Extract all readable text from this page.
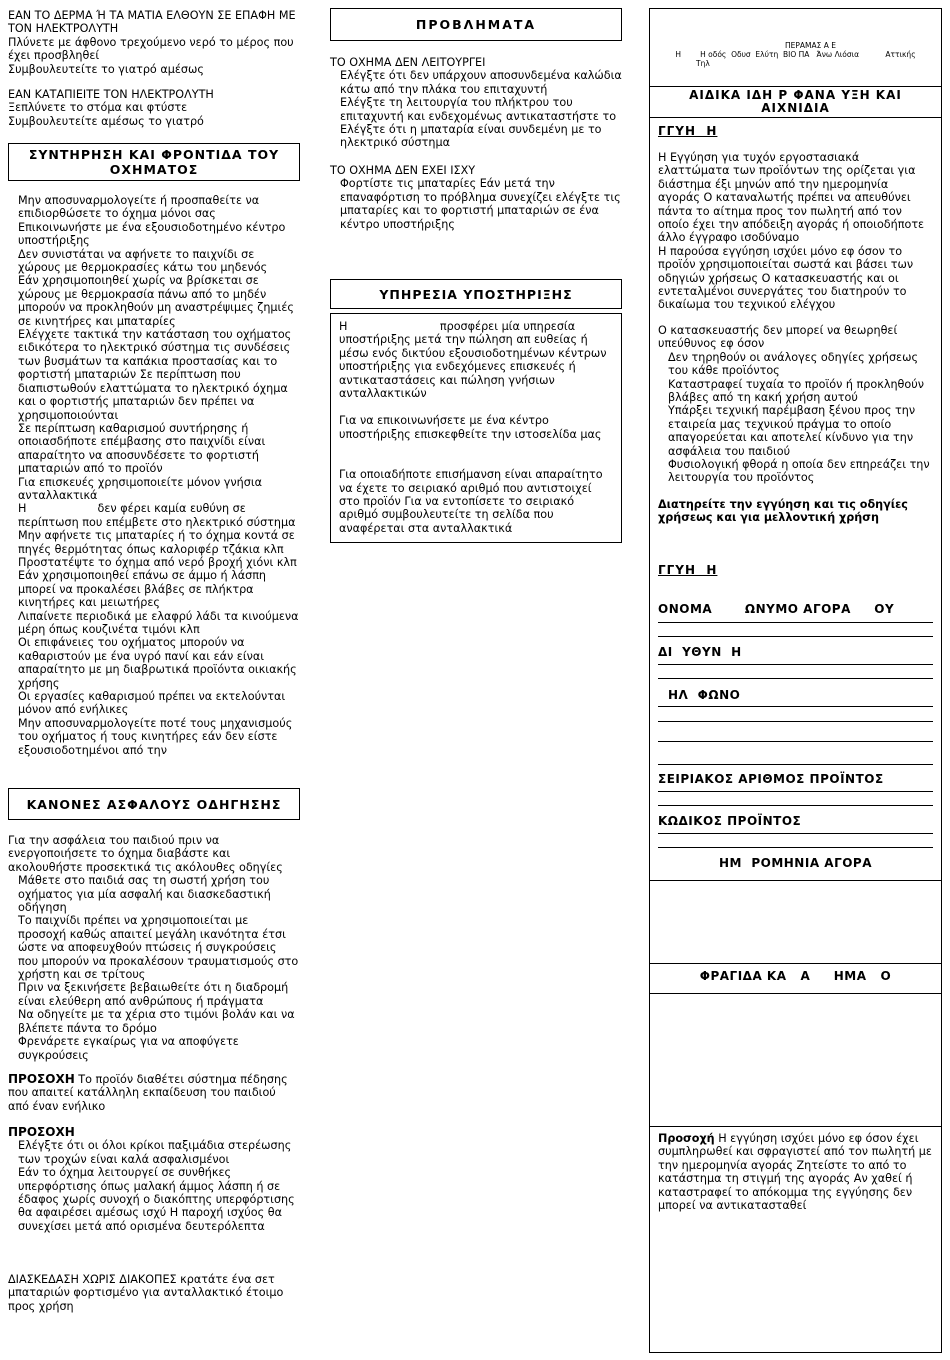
ΕΑΝ ΤΟ ΔΕΡΜΑ Ή ΤΑ ΜΑΤΙΑ ΕΛΘΟΥΝ ΣΕ ΕΠΑΦΗ ΜΕ ΤΟΝ ΗΛΕΚΤΡΟΛΥΤΗ

Πλύνετε με άφθονο τρεχούμενο νερό το μέρος που έχει προσβληθεί

Συμβουλευτείτε το γιατρό αμέσως

ΕΑΝ ΚΑΤΑΠΙΕΙΤΕ ΤΟΝ ΗΛΕΚΤΡΟΛΥΤΗ

Ξεπλύνετε το στόμα και φτύστε

Συμβουλευτείτε αμέσως το γιατρό

ΣΥΝΤΗΡΗΣΗ ΚΑΙ ΦΡΟΝΤΙΔΑ ΤΟΥ ΟΧΗΜΑΤΟΣ

Μην αποσυναρμολογείτε ή προσπαθείτε να επιδιορθώσετε το όχημα μόνοι σας

Επικοινωνήστε με ένα εξουσιοδοτημένο κέντρο υποστήριξης

Δεν συνιστάται να αφήνετε το παιχνίδι σε χώρους με θερμοκρασίες κάτω του μηδενός

Εάν χρησιμοποιηθεί χωρίς να βρίσκεται σε χώρους με θερμοκρασία πάνω από το μηδέν μπορούν να προκληθούν μη αναστρέψιμες ζημιές σε κινητήρες και μπαταρίες

Ελέγχετε τακτικά την κατάσταση του οχήματος ειδικότερα το ηλεκτρικό σύστημα τις συνδέσεις των βυσμάτων τα καπάκια προστασίας και το φορτιστή μπαταριών Σε περίπτωση που διαπιστωθούν ελαττώματα το ηλεκτρικό όχημα και ο φορτιστής μπαταριών δεν πρέπει να χρησιμοποιούνται

Σε περίπτωση καθαρισμού συντήρησης ή οποιασδήποτε επέμβασης στο παιχνίδι είναι απαραίτητο να αποσυνδέσετε το φορτιστή μπαταριών από το προϊόν

Για επισκευές χρησιμοποιείτε μόνον γνήσια ανταλλακτικά

Η                    δεν φέρει καμία ευθύνη σε περίπτωση που επέμβετε στο ηλεκτρικό σύστημα

Μην αφήνετε τις μπαταρίες ή το όχημα κοντά σε πηγές θερμότητας όπως καλοριφέρ τζάκια κλπ

Προστατέψτε το όχημα από νερό βροχή χιόνι κλπ Εάν χρησιμοποιηθεί επάνω σε άμμο ή λάσπη μπορεί να προκαλέσει βλάβες σε πλήκτρα κινητήρες και μειωτήρες

Λιπαίνετε περιοδικά με ελαφρύ λάδι τα κινούμενα μέρη όπως κουζινέτα τιμόνι κλπ

Οι επιφάνειες του οχήματος μπορούν να καθαριστούν με ένα υγρό πανί και εάν είναι απαραίτητο με μη διαβρωτικά προϊόντα οικιακής χρήσης

Οι εργασίες καθαρισμού πρέπει να εκτελούνται μόνον από ενήλικες

Μην αποσυναρμολογείτε ποτέ τους μηχανισμούς του οχήματος ή τους κινητήρες εάν δεν είστε εξουσιοδοτημένοι από την

ΚΑΝΟΝΕΣ ΑΣΦΑΛΟΥΣ ΟΔΗΓΗΣΗΣ

Για την ασφάλεια του παιδιού πριν να ενεργοποιήσετε το όχημα διαβάστε και ακολουθήστε προσεκτικά τις ακόλουθες οδηγίες

Μάθετε στο παιδιά σας τη σωστή χρήση του οχήματος για μία ασφαλή και διασκεδαστική οδήγηση

Το παιχνίδι πρέπει να χρησιμοποιείται με προσοχή καθώς απαιτεί μεγάλη ικανότητα έτσι ώστε να αποφευχθούν πτώσεις ή συγκρούσεις που μπορούν να προκαλέσουν τραυματισμούς στο χρήστη και σε τρίτους

Πριν να ξεκινήσετε βεβαιωθείτε ότι η διαδρομή είναι ελεύθερη από ανθρώπους ή πράγματα

Να οδηγείτε με τα χέρια στο τιμόνι βολάν και να βλέπετε πάντα το δρόμο

Φρενάρετε εγκαίρως για να αποφύγετε συγκρούσεις

ΠΡΟΣΟΧΗ Το προϊόν διαθέτει σύστημα πέδησης που απαιτεί κατάλληλη εκπαίδευση του παιδιού από έναν ενήλικο

ΠΡΟΣΟΧΗ

Ελέγξτε ότι οι όλοι κρίκοι παξιμάδια στερέωσης των τροχών είναι καλά ασφαλισμένοι

Εάν το όχημα λειτουργεί σε συνθήκες υπερφόρτισης όπως μαλακή άμμος λάσπη ή σε έδαφος χωρίς συνοχή ο διακόπτης υπερφόρτισης θα αφαιρέσει αμέσως ισχύ Η παροχή ισχύος θα συνεχίσει μετά από ορισμένα δευτερόλεπτα

ΔΙΑΣΚΕΔΑΣΗ ΧΩΡΙΣ ΔΙΑΚΟΠΕΣ κρατάτε ένα σετ μπαταριών φορτισμένο για ανταλλακτικό έτοιμο προς χρήση

ΠΡΟΒΛΗΜΑΤΑ

ΤΟ ΟΧΗΜΑ ΔΕΝ ΛΕΙΤΟΥΡΓΕΙ

Ελέγξτε ότι δεν υπάρχουν αποσυνδεμένα καλώδια κάτω από την πλάκα του επιταχυντή

Ελέγξτε τη λειτουργία του πλήκτρου του επιταχυντή και ενδεχομένως αντικαταστήστε το

Ελέγξτε ότι η μπαταρία είναι συνδεμένη με το ηλεκτρικό σύστημα

ΤΟ ΟΧΗΜΑ ΔΕΝ ΕΧΕΙ ΙΣΧΥ

Φορτίστε τις μπαταρίες Εάν μετά την επαναφόρτιση το πρόβλημα συνεχίζει ελέγξτε τις μπαταρίες και το φορτιστή μπαταριών σε ένα κέντρο υποστήριξης

ΥΠΗΡΕΣΙΑ ΥΠΟΣΤΗΡΙΞΗΣ

Η                          προσφέρει μία υπηρεσία υποστήριξης μετά την πώληση απ ευθείας ή μέσω ενός δικτύου εξουσιοδοτημένων κέντρων υποστήριξης για ενδεχόμενες επισκευές ή αντικαταστάσεις και πώληση γνήσιων ανταλλακτικών

Για να επικοινωνήσετε με ένα κέντρο υποστήριξης επισκεφθείτε την ιστοσελίδα μας

Για οποιαδήποτε επισήμανση είναι απαραίτητο να έχετε το σειριακό αριθμό που αντιστοιχεί στο προϊόν Για να εντοπίσετε το σειριακό αριθμό συμβουλευτείτε τη σελίδα που αναφέρεται στα ανταλλακτικά

ΠΕΡΑΜΑΣ Α Ε

Η        Η οδός  Οδυσ  Ελύτη  ΒΙΟ ΠΑ   Άνω Λιόσια           Αττικής

Τηλ

ΑΙΔΙΚΑ ΙΔΗ Ρ ΦΑΝΑ ΥΞΗ ΚΑΙ ΑΙΧΝΙΔΙΑ
ΓΓΥΗ  Η

Η Εγγύηση για τυχόν εργοστασιακά ελαττώματα των προϊόντων της ορίζεται για διάστημα έξι μηνών από την ημερομηνία αγοράς Ο καταναλωτής πρέπει να απευθύνει πάντα το αίτημα προς τον πωλητή από τον οποίο έχει την απόδειξη αγοράς ή οποιοδήποτε άλλο έγγραφο ισοδύναμο

Η παρούσα εγγύηση ισχύει μόνο εφ όσον το προϊόν χρησιμοποιείται σωστά και βάσει των οδηγιών χρήσεως Ο κατασκευαστής και οι εντεταλμένοι συνεργάτες του διατηρούν το δικαίωμα του τεχνικού ελέγχου

Ο κατασκευαστής δεν μπορεί να θεωρηθεί υπεύθυνος εφ όσον

Δεν τηρηθούν οι ανάλογες οδηγίες χρήσεως του κάθε προϊόντος

Καταστραφεί τυχαία το προϊόν ή προκληθούν βλάβες από τη κακή χρήση αυτού

Υπάρξει τεχνική παρέμβαση ξένου προς την εταιρεία μας τεχνικού πράγμα το οποίο απαγορεύεται και αποτελεί κίνδυνο για την ασφάλεια του παιδιού

Φυσιολογική φθορά η οποία δεν επηρεάζει την λειτουργία του προϊόντος

Διατηρείτε την εγγύηση και τις οδηγίες χρήσεως και για μελλοντική χρήση

ΓΓΥΗ  Η
ΟΝΟΜΑ       ΩΝΥΜΟ ΑΓΟΡΑ     ΟΥ
ΔΙ  ΥΘΥΝ  Η
ΗΛ  ΦΩΝΟ
ΣΕΙΡΙΑΚΟΣ ΑΡΙΘΜΟΣ ΠΡΟΪΝΤΟΣ
ΚΩΔΙΚΟΣ ΠΡΟΪΝΤΟΣ
ΗΜ  ΡΟΜΗΝΙΑ ΑΓΟΡΑ
ΦΡΑΓΙΔΑ ΚΑ   Α     ΗΜΑ   Ο

Προσοχή Η εγγύηση ισχύει μόνο εφ όσον έχει συμπληρωθεί και σφραγιστεί από τον πωλητή με την ημερομηνία αγοράς Ζητείστε το από το κατάστημα τη στιγμή της αγοράς Αν χαθεί ή καταστραφεί το απόκομμα της εγγύησης δεν μπορεί να αντικατασταθεί
